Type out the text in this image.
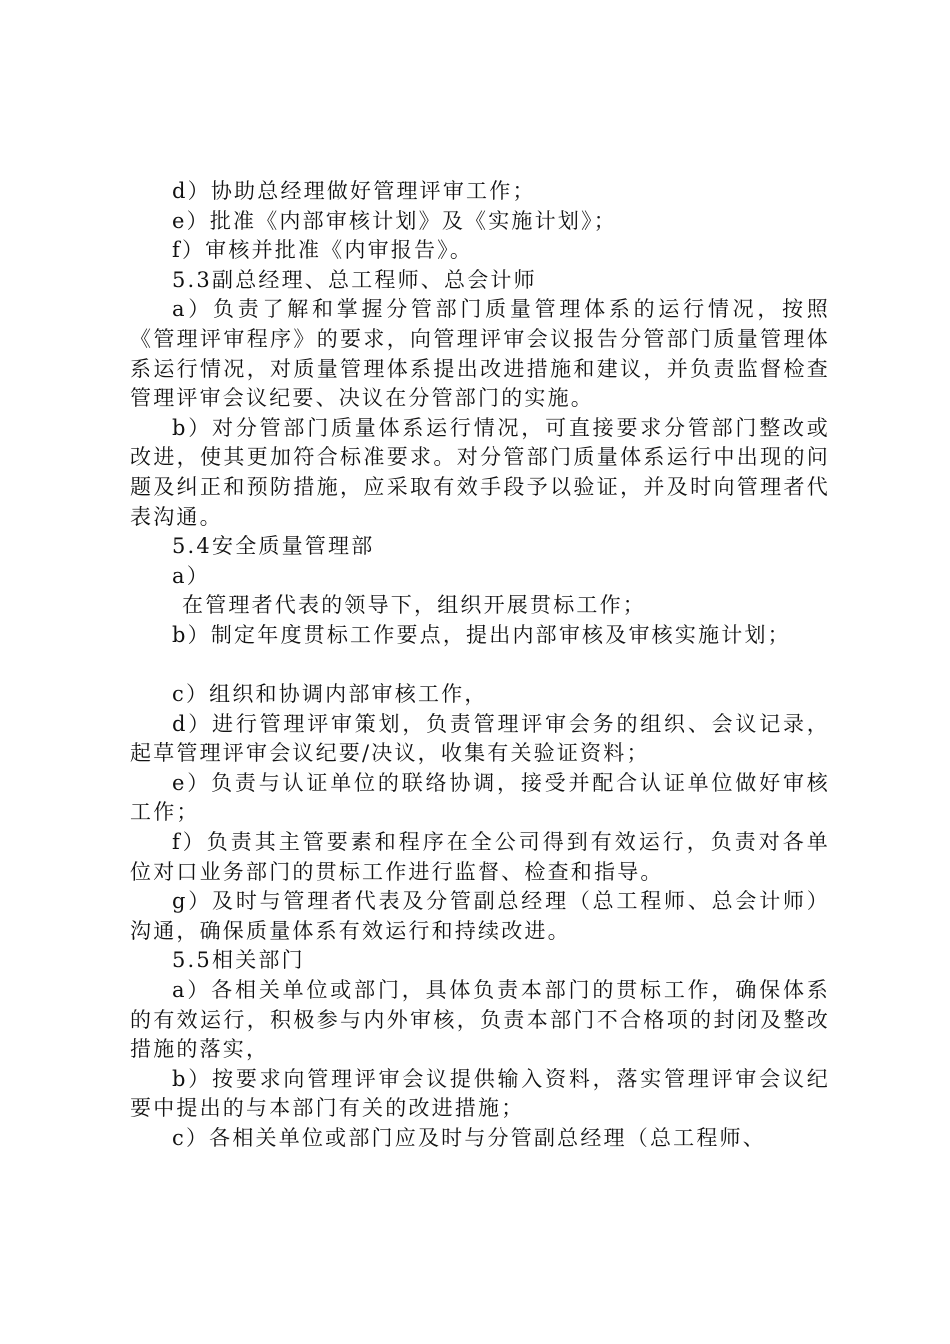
d）协助总经理做好管理评审工作；

e）批准《内部审核计划》及《实施计划》；

f）审核并批准《内审报告》。

5.3副总经理、总工程师、总会计师

a）负责了解和掌握分管部门质量管理体系的运行情况，按照《管理评审程序》的要求，向管理评审会议报告分管部门质量管理体系运行情况，对质量管理体系提出改进措施和建议，并负责监督检查管理评审会议纪要、决议在分管部门的实施。

b）对分管部门质量体系运行情况，可直接要求分管部门整改或改进，使其更加符合标准要求。对分管部门质量体系运行中出现的问题及纠正和预防措施，应采取有效手段予以验证，并及时向管理者代表沟通。

5.4安全质量管理部

a）

在管理者代表的领导下，组织开展贯标工作；

b）制定年度贯标工作要点，提出内部审核及审核实施计划；

c）组织和协调内部审核工作，

d）进行管理评审策划，负责管理评审会务的组织、会议记录，起草管理评审会议纪要/决议，收集有关验证资料；

e）负责与认证单位的联络协调，接受并配合认证单位做好审核工作；

f）负责其主管要素和程序在全公司得到有效运行，负责对各单位对口业务部门的贯标工作进行监督、检查和指导。

g）及时与管理者代表及分管副总经理（总工程师、总会计师）沟通，确保质量体系有效运行和持续改进。

5.5相关部门

a）各相关单位或部门，具体负责本部门的贯标工作，确保体系的有效运行，积极参与内外审核，负责本部门不合格项的封闭及整改措施的落实，

b）按要求向管理评审会议提供输入资料，落实管理评审会议纪要中提出的与本部门有关的改进措施；

c）各相关单位或部门应及时与分管副总经理（总工程师、
